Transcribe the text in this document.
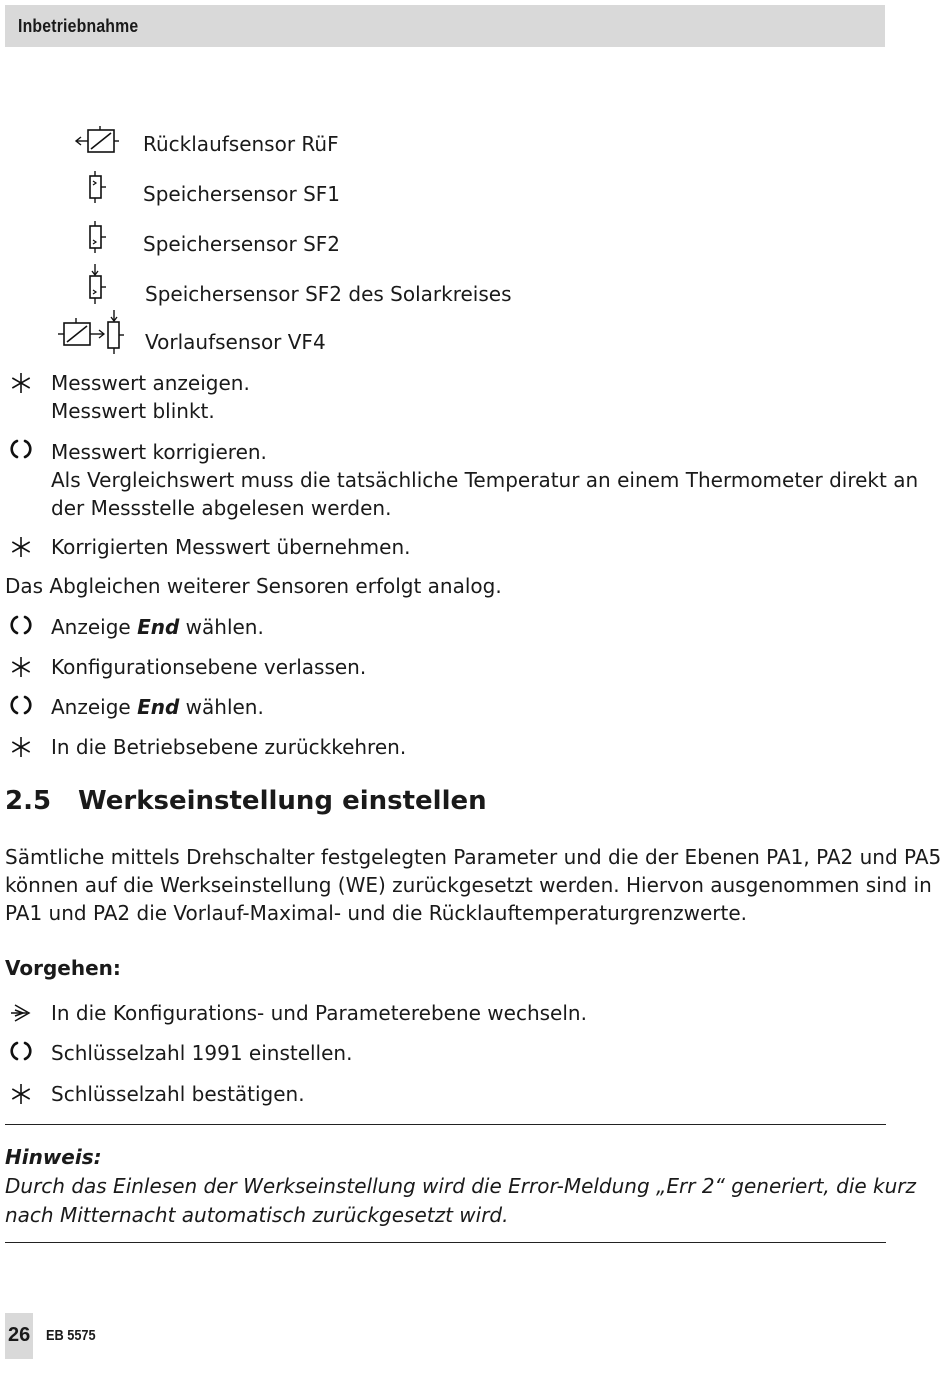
Inbetriebnahme
Rücklaufsensor RüF
Speichersensor SF1
Speichersensor SF2
Speichersensor SF2 des Solarkreises
Vorlaufsensor VF4
Messwert anzeigen.
Messwert blinkt.
Messwert korrigieren.
Als Vergleichswert muss die tatsächliche Temperatur an einem Thermometer direkt an
der Messstelle abgelesen werden.
Korrigierten Messwert übernehmen.
Das Abgleichen weiterer Sensoren erfolgt analog.
Anzeige End wählen.
Konfigurationsebene verlassen.
Anzeige End wählen.
In die Betriebsebene zurückkehren.
2.5 Werkseinstellung einstellen
Sämtliche mittels Drehschalter festgelegten Parameter und die der Ebenen PA1, PA2 und PA5
können auf die Werkseinstellung (WE) zurückgesetzt werden. Hiervon ausgenommen sind in
PA1 und PA2 die Vorlauf-Maximal- und die Rücklauftemperaturgrenzwerte.
Vorgehen:
In die Konfigurations- und Parameterebene wechseln.
Schlüsselzahl 1991 einstellen.
Schlüsselzahl bestätigen.
Hinweis:
Durch das Einlesen der Werkseinstellung wird die Error-Meldung „Err 2“ generiert, die kurz
nach Mitternacht automatisch zurückgesetzt wird.
26 EB 5575
